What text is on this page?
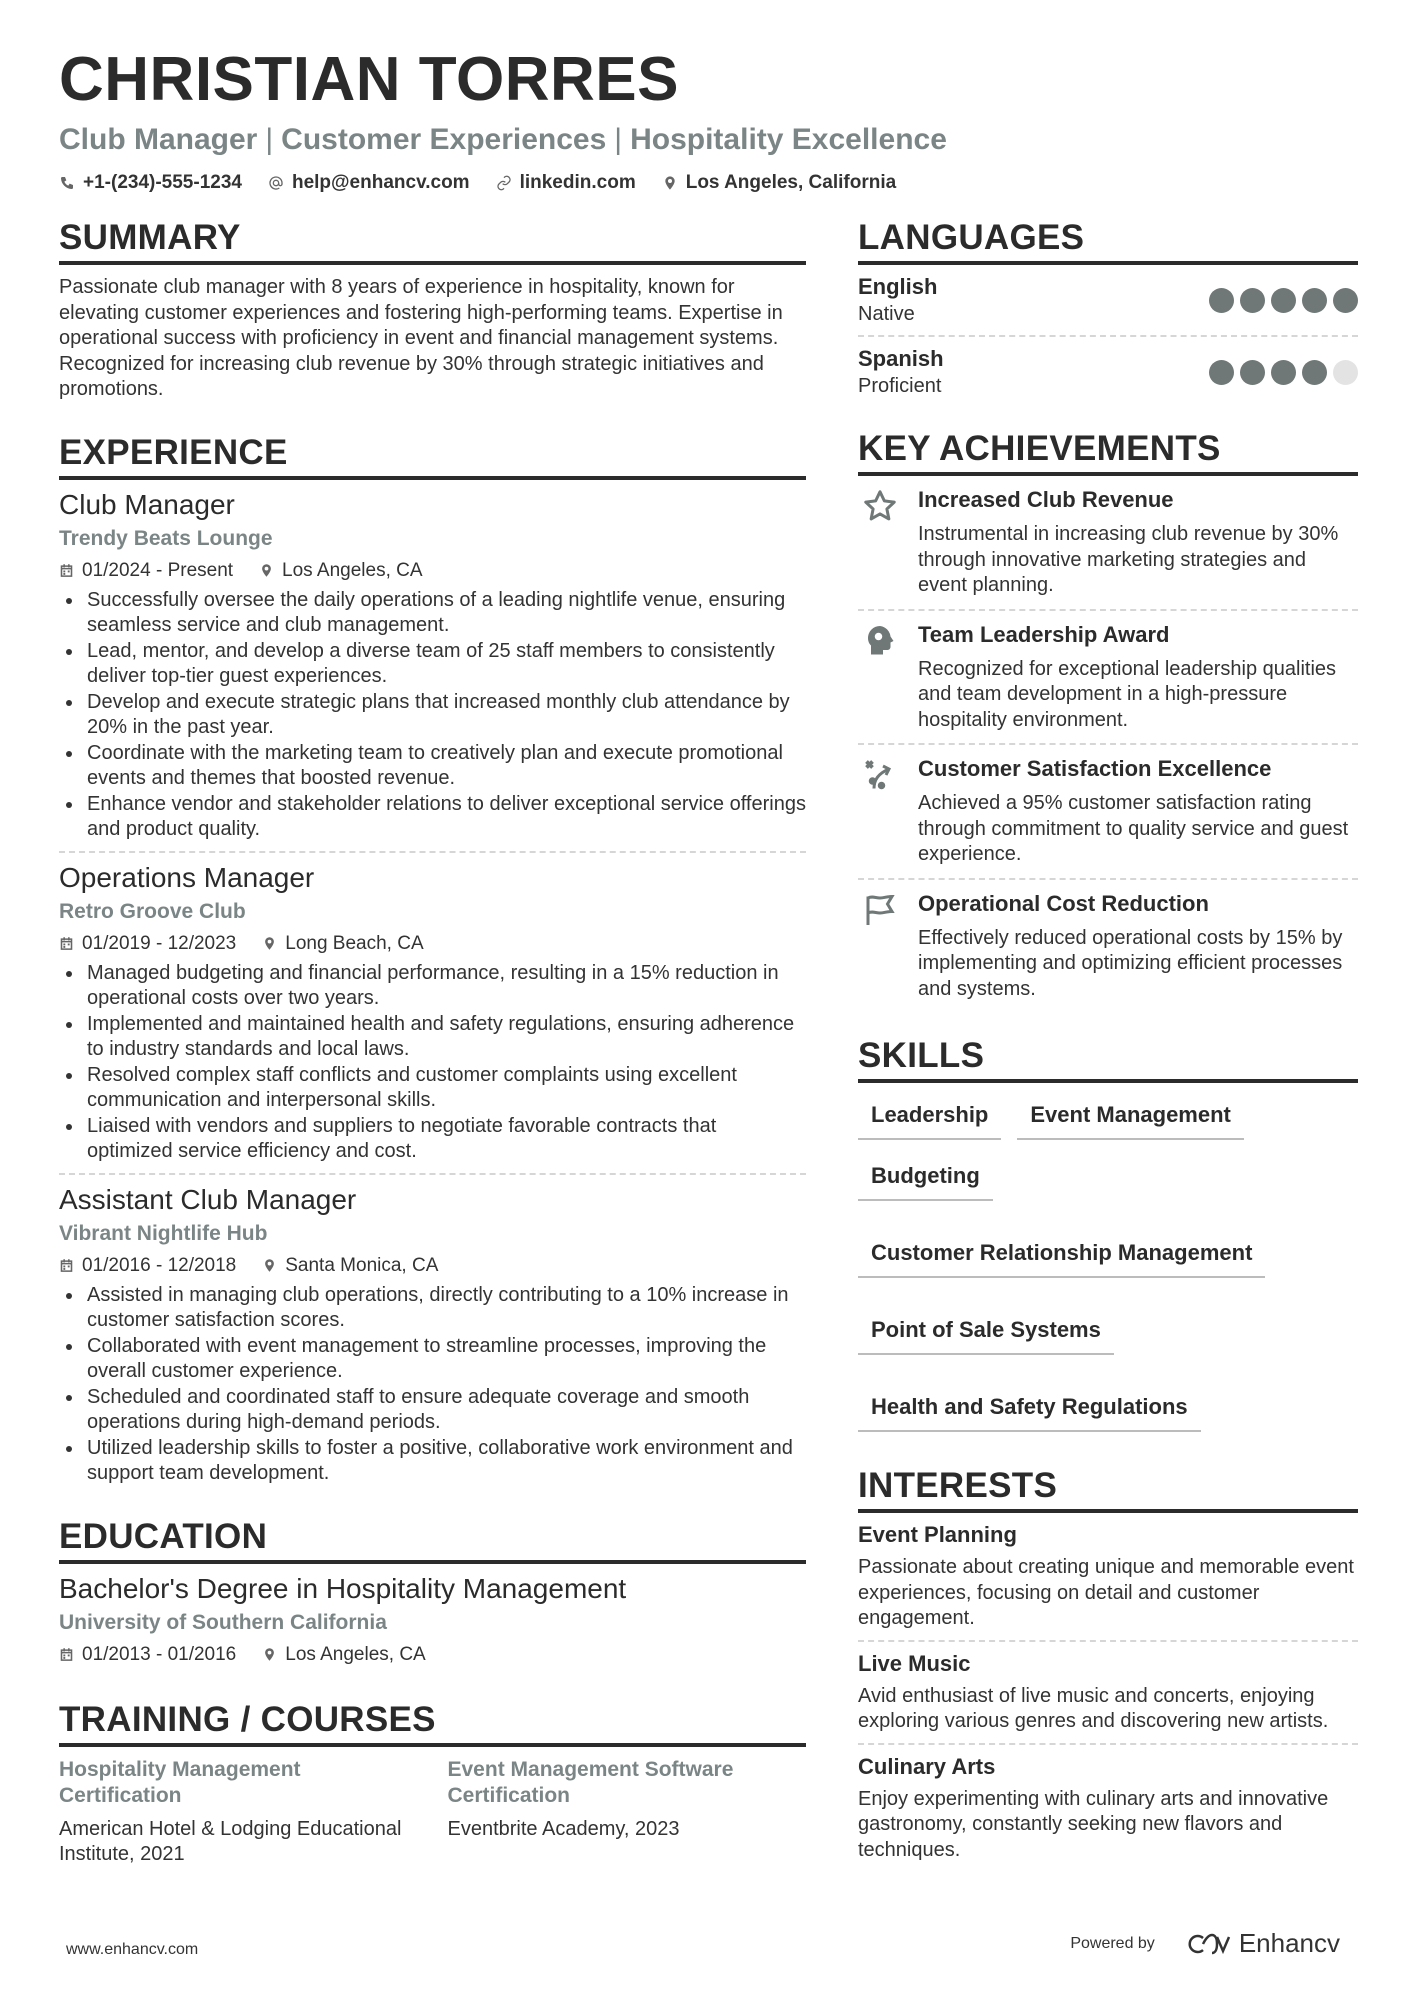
CHRISTIAN TORRES
Club Manager | Customer Experiences | Hospitality Excellence
+1-(234)-555-1234	help@enhancv.com	linkedin.com	Los Angeles, California
SUMMARY
Passionate club manager with 8 years of experience in hospitality, known for elevating customer experiences and fostering high-performing teams. Expertise in operational success with proficiency in event and financial management systems. Recognized for increasing club revenue by 30% through strategic initiatives and promotions.
EXPERIENCE
Club Manager
Trendy Beats Lounge
01/2024 - Present	Los Angeles, CA
Successfully oversee the daily operations of a leading nightlife venue, ensuring seamless service and club management.
Lead, mentor, and develop a diverse team of 25 staff members to consistently deliver top-tier guest experiences.
Develop and execute strategic plans that increased monthly club attendance by 20% in the past year.
Coordinate with the marketing team to creatively plan and execute promotional events and themes that boosted revenue.
Enhance vendor and stakeholder relations to deliver exceptional service offerings and product quality.
Operations Manager
Retro Groove Club
01/2019 - 12/2023	Long Beach, CA
Managed budgeting and financial performance, resulting in a 15% reduction in operational costs over two years.
Implemented and maintained health and safety regulations, ensuring adherence to industry standards and local laws.
Resolved complex staff conflicts and customer complaints using excellent communication and interpersonal skills.
Liaised with vendors and suppliers to negotiate favorable contracts that optimized service efficiency and cost.
Assistant Club Manager
Vibrant Nightlife Hub
01/2016 - 12/2018	Santa Monica, CA
Assisted in managing club operations, directly contributing to a 10% increase in customer satisfaction scores.
Collaborated with event management to streamline processes, improving the overall customer experience.
Scheduled and coordinated staff to ensure adequate coverage and smooth operations during high-demand periods.
Utilized leadership skills to foster a positive, collaborative work environment and support team development.
EDUCATION
Bachelor's Degree in Hospitality Management
University of Southern California
01/2013 - 01/2016	Los Angeles, CA
TRAINING / COURSES
Hospitality Management Certification
American Hotel & Lodging Educational Institute, 2021
Event Management Software Certification
Eventbrite Academy, 2023
LANGUAGES
English
Native
Spanish
Proficient
KEY ACHIEVEMENTS
Increased Club Revenue
Instrumental in increasing club revenue by 30% through innovative marketing strategies and event planning.
Team Leadership Award
Recognized for exceptional leadership qualities and team development in a high-pressure hospitality environment.
Customer Satisfaction Excellence
Achieved a 95% customer satisfaction rating through commitment to quality service and guest experience.
Operational Cost Reduction
Effectively reduced operational costs by 15% by implementing and optimizing efficient processes and systems.
SKILLS
Leadership	Event Management
Budgeting
Customer Relationship Management
Point of Sale Systems
Health and Safety Regulations
INTERESTS
Event Planning
Passionate about creating unique and memorable event experiences, focusing on detail and customer engagement.
Live Music
Avid enthusiast of live music and concerts, enjoying exploring various genres and discovering new artists.
Culinary Arts
Enjoy experimenting with culinary arts and innovative gastronomy, constantly seeking new flavors and techniques.
www.enhancv.com	Powered by	Enhancv
